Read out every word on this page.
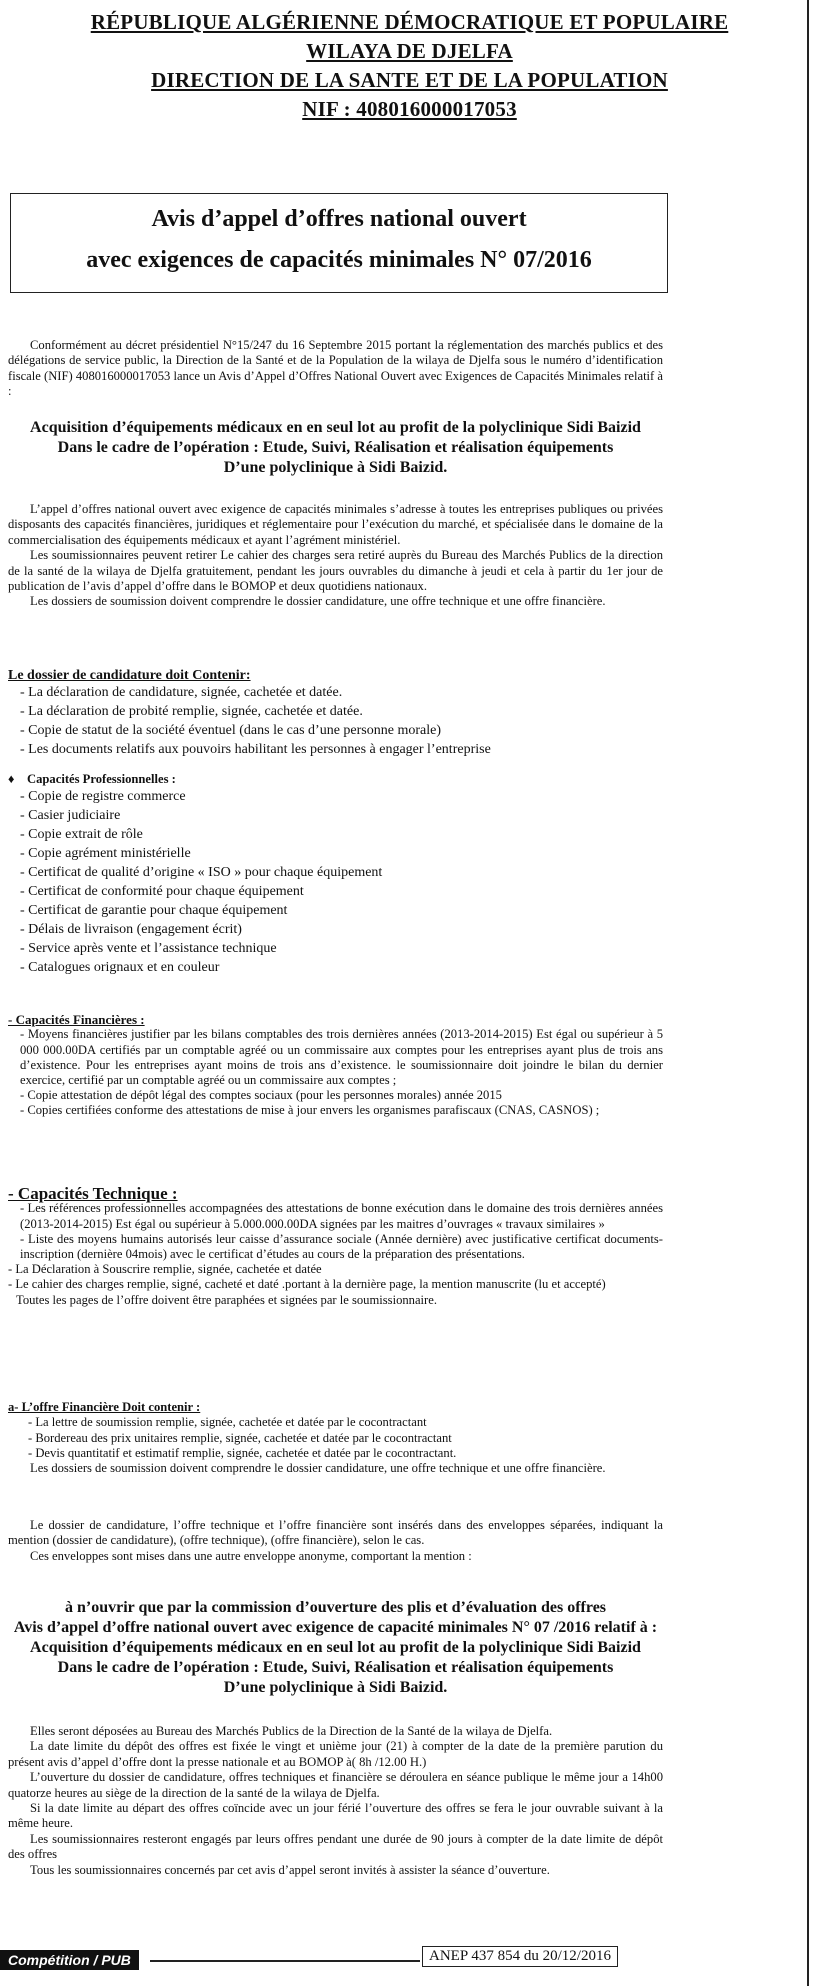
RÉPUBLIQUE ALGÉRIENNE DÉMOCRATIQUE ET POPULAIRE
WILAYA DE DJELFA
DIRECTION DE LA SANTE ET DE LA POPULATION
NIF : 408016000017053
Avis d’appel d’offres national ouvert
avec exigences de capacités minimales N° 07/2016

Conformément au décret présidentiel N°15/247 du 16 Septembre 2015 portant la réglementation des marchés publics et des délégations de service public, la Direction de la Santé et de la Population de la wilaya de Djelfa sous le numéro d’identification fiscale (NIF) 408016000017053 lance un Avis d’Appel d’Offres National Ouvert avec Exigences de Capacités Minimales relatif à :

Acquisition d’équipements médicaux en en seul lot au profit de la polyclinique Sidi Baizid

Dans le cadre de l’opération : Etude, Suivi, Réalisation et réalisation équipements

D’une polyclinique à Sidi Baizid.

L’appel d’offres national ouvert avec exigence de capacités minimales s’adresse à toutes les entreprises publiques ou privées disposants des capacités financières, juridiques et réglementaire pour l’exécution du marché, et spécialisée dans le domaine de la commercialisation des équipements médicaux et ayant l’agrément ministériel.

Les soumissionnaires peuvent retirer Le cahier des charges sera retiré auprès du Bureau des Marchés Publics de la direction de la santé de la wilaya de Djelfa gratuitement, pendant les jours ouvrables du dimanche à jeudi et cela à partir du 1er jour de publication de l’avis d’appel d’offre dans le BOMOP et deux quotidiens nationaux.

Les dossiers de soumission doivent comprendre le dossier candidature, une offre technique et une offre financière.

Le dossier de candidature doit Contenir:

- La déclaration de candidature, signée, cachetée et datée.
- La déclaration de probité remplie, signée, cachetée et datée.
- Copie de statut de la société éventuel (dans le cas d’une personne morale)
- Les documents relatifs aux pouvoirs habilitant les personnes à engager l’entreprise

♦    Capacités Professionnelles :

- Copie de registre commerce
- Casier judiciaire
- Copie extrait de rôle
- Copie agrément ministérielle
- Certificat de qualité d’origine « ISO » pour chaque équipement
- Certificat de conformité pour chaque équipement
- Certificat de garantie pour chaque équipement
- Délais de livraison (engagement écrit)
- Service après vente et l’assistance technique
- Catalogues orignaux et en couleur

- Capacités Financières :

- Moyens financières justifier par les bilans comptables des trois dernières années (2013-2014-2015) Est égal ou supérieur à 5 000 000.00DA certifiés par un comptable agréé ou un commissaire aux comptes pour les entreprises ayant plus de trois ans d’existence. Pour les entreprises ayant moins de trois ans d’existence. le soumissionnaire doit joindre le bilan du dernier exercice, certifié par un comptable agréé ou un commissaire aux comptes ;
- Copie attestation de dépôt légal des comptes sociaux (pour les personnes morales) année 2015
- Copies certifiées conforme des attestations de mise à jour envers les organismes parafiscaux (CNAS, CASNOS) ;

- Capacités Technique :

- Les références professionnelles accompagnées des attestations de bonne exécution dans le domaine des trois dernières années (2013-2014-2015) Est égal ou supérieur à 5.000.000.00DA signées par les maitres d’ouvrages « travaux similaires »
- Liste des moyens humains autorisés leur caisse d’assurance sociale (Année dernière) avec justificative certificat documents-inscription (dernière 04mois) avec le certificat d’études au cours de la préparation des présentations.
- La Déclaration à Souscrire remplie, signée, cachetée et datée
- Le cahier des charges remplie, signé, cacheté et daté .portant à la dernière page, la mention manuscrite (lu et accepté)
Toutes les pages de l’offre doivent être paraphées et signées par le soumissionnaire.

a- L’offre Financière Doit contenir :

- La lettre de soumission remplie, signée, cachetée et datée par le cocontractant
- Bordereau des prix unitaires remplie, signée, cachetée et datée par le cocontractant
- Devis quantitatif et estimatif remplie, signée, cachetée et datée par le cocontractant.

Les dossiers de soumission doivent comprendre le dossier candidature, une offre technique et une offre financière.

Le dossier de candidature, l’offre technique et l’offre financière sont insérés dans des enveloppes séparées, indiquant la mention (dossier de candidature), (offre technique), (offre financière), selon le cas.

Ces enveloppes sont mises dans une autre enveloppe anonyme, comportant la mention :

à n’ouvrir que par la commission d’ouverture des plis et d’évaluation des offres

Avis d’appel d’offre national ouvert avec exigence de capacité minimales N° 07 /2016 relatif à :

Acquisition d’équipements médicaux en en seul lot au profit de la polyclinique Sidi Baizid

Dans le cadre de l’opération : Etude, Suivi, Réalisation et réalisation équipements

D’une polyclinique à Sidi Baizid.

Elles seront déposées au Bureau des Marchés Publics de la Direction de la Santé de la wilaya de Djelfa.

La date limite du dépôt des offres est fixée le vingt et unième jour (21) à compter de la date de la première parution du présent avis d’appel d’offre dont la presse nationale et au BOMOP à( 8h /12.00 H.)

L’ouverture du dossier de candidature, offres techniques et financière se déroulera en séance publique le même jour a 14h00 quatorze heures au siège de la direction de la santé de la wilaya de Djelfa.

Si la date limite au départ des offres coïncide avec un jour férié l’ouverture des offres se fera le jour ouvrable suivant à la même heure.

Les soumissionnaires resteront engagés par leurs offres pendant une durée de 90 jours à compter de la date limite de dépôt des offres

Tous les soumissionnaires concernés par cet avis d’appel seront invités à assister la séance d’ouverture.

Compétition / PUB	ANEP 437 854 du 20/12/2016
